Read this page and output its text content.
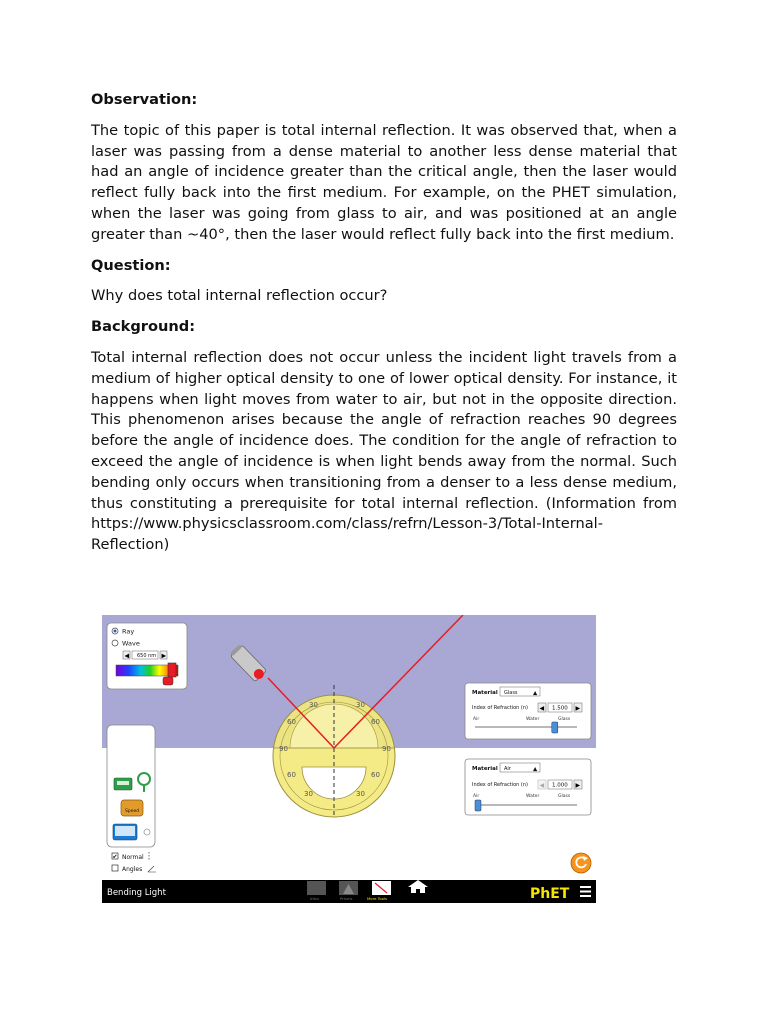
Observation:

The topic of this paper is total internal reflection. It was observed that, when a laser was passing from a dense material to another less dense material that had an angle of incidence greater than the critical angle, then the laser would reflect fully back into the first medium. For example, on the PHET simulation, when the laser was going from glass to air, and was positioned at an angle greater than ~40°, then the laser would reflect fully back into the first medium.

Question:

Why does total internal reflection occur?

Background:

Total internal reflection does not occur unless the incident light travels from a medium of higher optical density to one of lower optical density. For instance, it happens when light moves from water to air, but not in the opposite direction. This phenomenon arises because the angle of refraction reaches 90 degrees before the angle of incidence does. The condition for the angle of refraction to exceed the angle of incidence is when light bends away from the normal. Such bending only occurs when transitioning from a denser to a less dense medium, thus constituting a prerequisite for total internal reflection. (Information from https://www.physicsclassroom.com/class/refrn/Lesson-3/Total-Internal-Reflection)

30	30
60	60
90	90
60	60
30	30
Ray
Wave
◀ 650 nm ▶
Material Glass	▲
Index of Refraction (n) ◀ 1.500 ▶
Air	Water	Glass
Material Air	▲
Index of Refraction (n) ◀ 1.000 ▶
Air	Water	Glass
Speed
✔ Normal
Angles
Bending Light
Intro	Prisms	More Tools	PhET
